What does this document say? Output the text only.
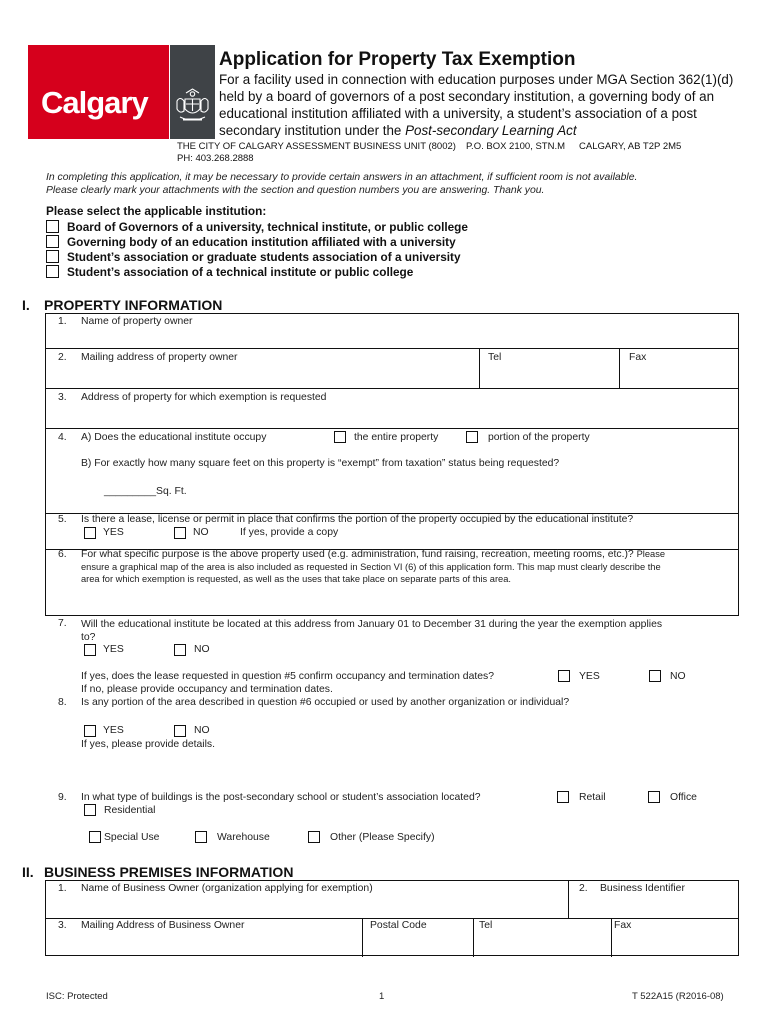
Calgary
Application for Property Tax Exemption
For a facility used in connection with education purposes under MGA Section 362(1)(d) held by a board of governors of a post secondary institution, a governing body of an educational institution affiliated with a university, a student’s association of a post secondary institution under the Post-secondary Learning Act
THE CITY OF CALGARY ASSESSMENT BUSINESS UNIT (8002) P.O. BOX 2100, STN.M CALGARY, AB T2P 2M5
PH: 403.268.2888
In completing this application, it may be necessary to provide certain answers in an attachment, if sufficient room is not available.
Please clearly mark your attachments with the section and question numbers you are answering. Thank you.
Please select the applicable institution:
Board of Governors of a university, technical institute, or public college
Governing body of an education institution affiliated with a university
Student’s association or graduate students association of a university
Student’s association of a technical institute or public college
I. PROPERTY INFORMATION
1. Name of property owner
2. Mailing address of property owner	Tel	Fax
3. Address of property for which exemption is requested
4. A) Does the educational institute occupy	the entire property	portion of the property
B) For exactly how many square feet on this property is “exempt” from taxation” status being requested?
_________Sq. Ft.
5. Is there a lease, license or permit in place that confirms the portion of the property occupied by the educational institute?
YES	NO	If yes, provide a copy
6. For what specific purpose is the above property used (e.g. administration, fund raising, recreation, meeting rooms, etc.)? Please
ensure a graphical map of the area is also included as requested in Section VI (6) of this application form. This map must clearly describe the
area for which exemption is requested, as well as the uses that take place on separate parts of this area.
7. Will the educational institute be located at this address from January 01 to December 31 during the year the exemption applies
to?
YES	NO
If yes, does the lease requested in question #5 confirm occupancy and termination dates?	YES	NO
If no, please provide occupancy and termination dates.
8. Is any portion of the area described in question #6 occupied or used by another organization or individual?
YES	NO
If yes, please provide details.
9. In what type of buildings is the post-secondary school or student’s association located?	Retail	Office
Residential
Special Use	Warehouse	Other (Please Specify)
II. BUSINESS PREMISES INFORMATION
1. Name of Business Owner (organization applying for exemption)	2. Business Identifier
3. Mailing Address of Business Owner	Postal Code	Tel	Fax
ISC: Protected	1	T 522A15 (R2016-08)
